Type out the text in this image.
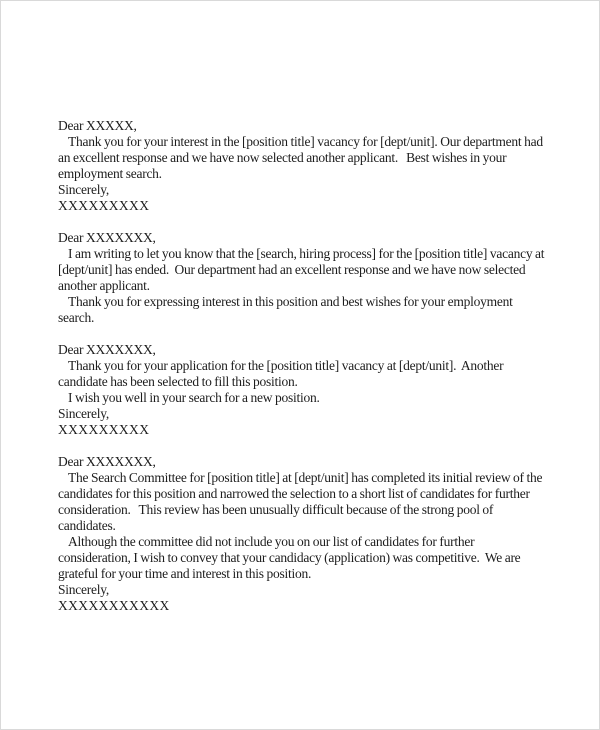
Dear XXXXX,

Thank you for your interest in the [position title] vacancy for [dept/unit]. Our department had an excellent response and we have now selected another applicant.   Best wishes in your employment search.

Sincerely,
XXXXXXXXX
Dear XXXXXXX,

I am writing to let you know that the [search, hiring process] for the [position title] vacancy at [dept/unit] has ended.  Our department had an excellent response and we have now selected another applicant.

Thank you for expressing interest in this position and best wishes for your employment search.

Dear XXXXXXX,

Thank you for your application for the [position title] vacancy at [dept/unit].  Another candidate has been selected to fill this position.

I wish you well in your search for a new position.

Sincerely,
XXXXXXXXX
Dear XXXXXXX,

The Search Committee for [position title] at [dept/unit] has completed its initial review of the candidates for this position and narrowed the selection to a short list of candidates for further consideration.   This review has been unusually difficult because of the strong pool of candidates.

Although the committee did not include you on our list of candidates for further consideration, I wish to convey that your candidacy (application) was competitive.  We are grateful for your time and interest in this position.

Sincerely,
XXXXXXXXXXX
